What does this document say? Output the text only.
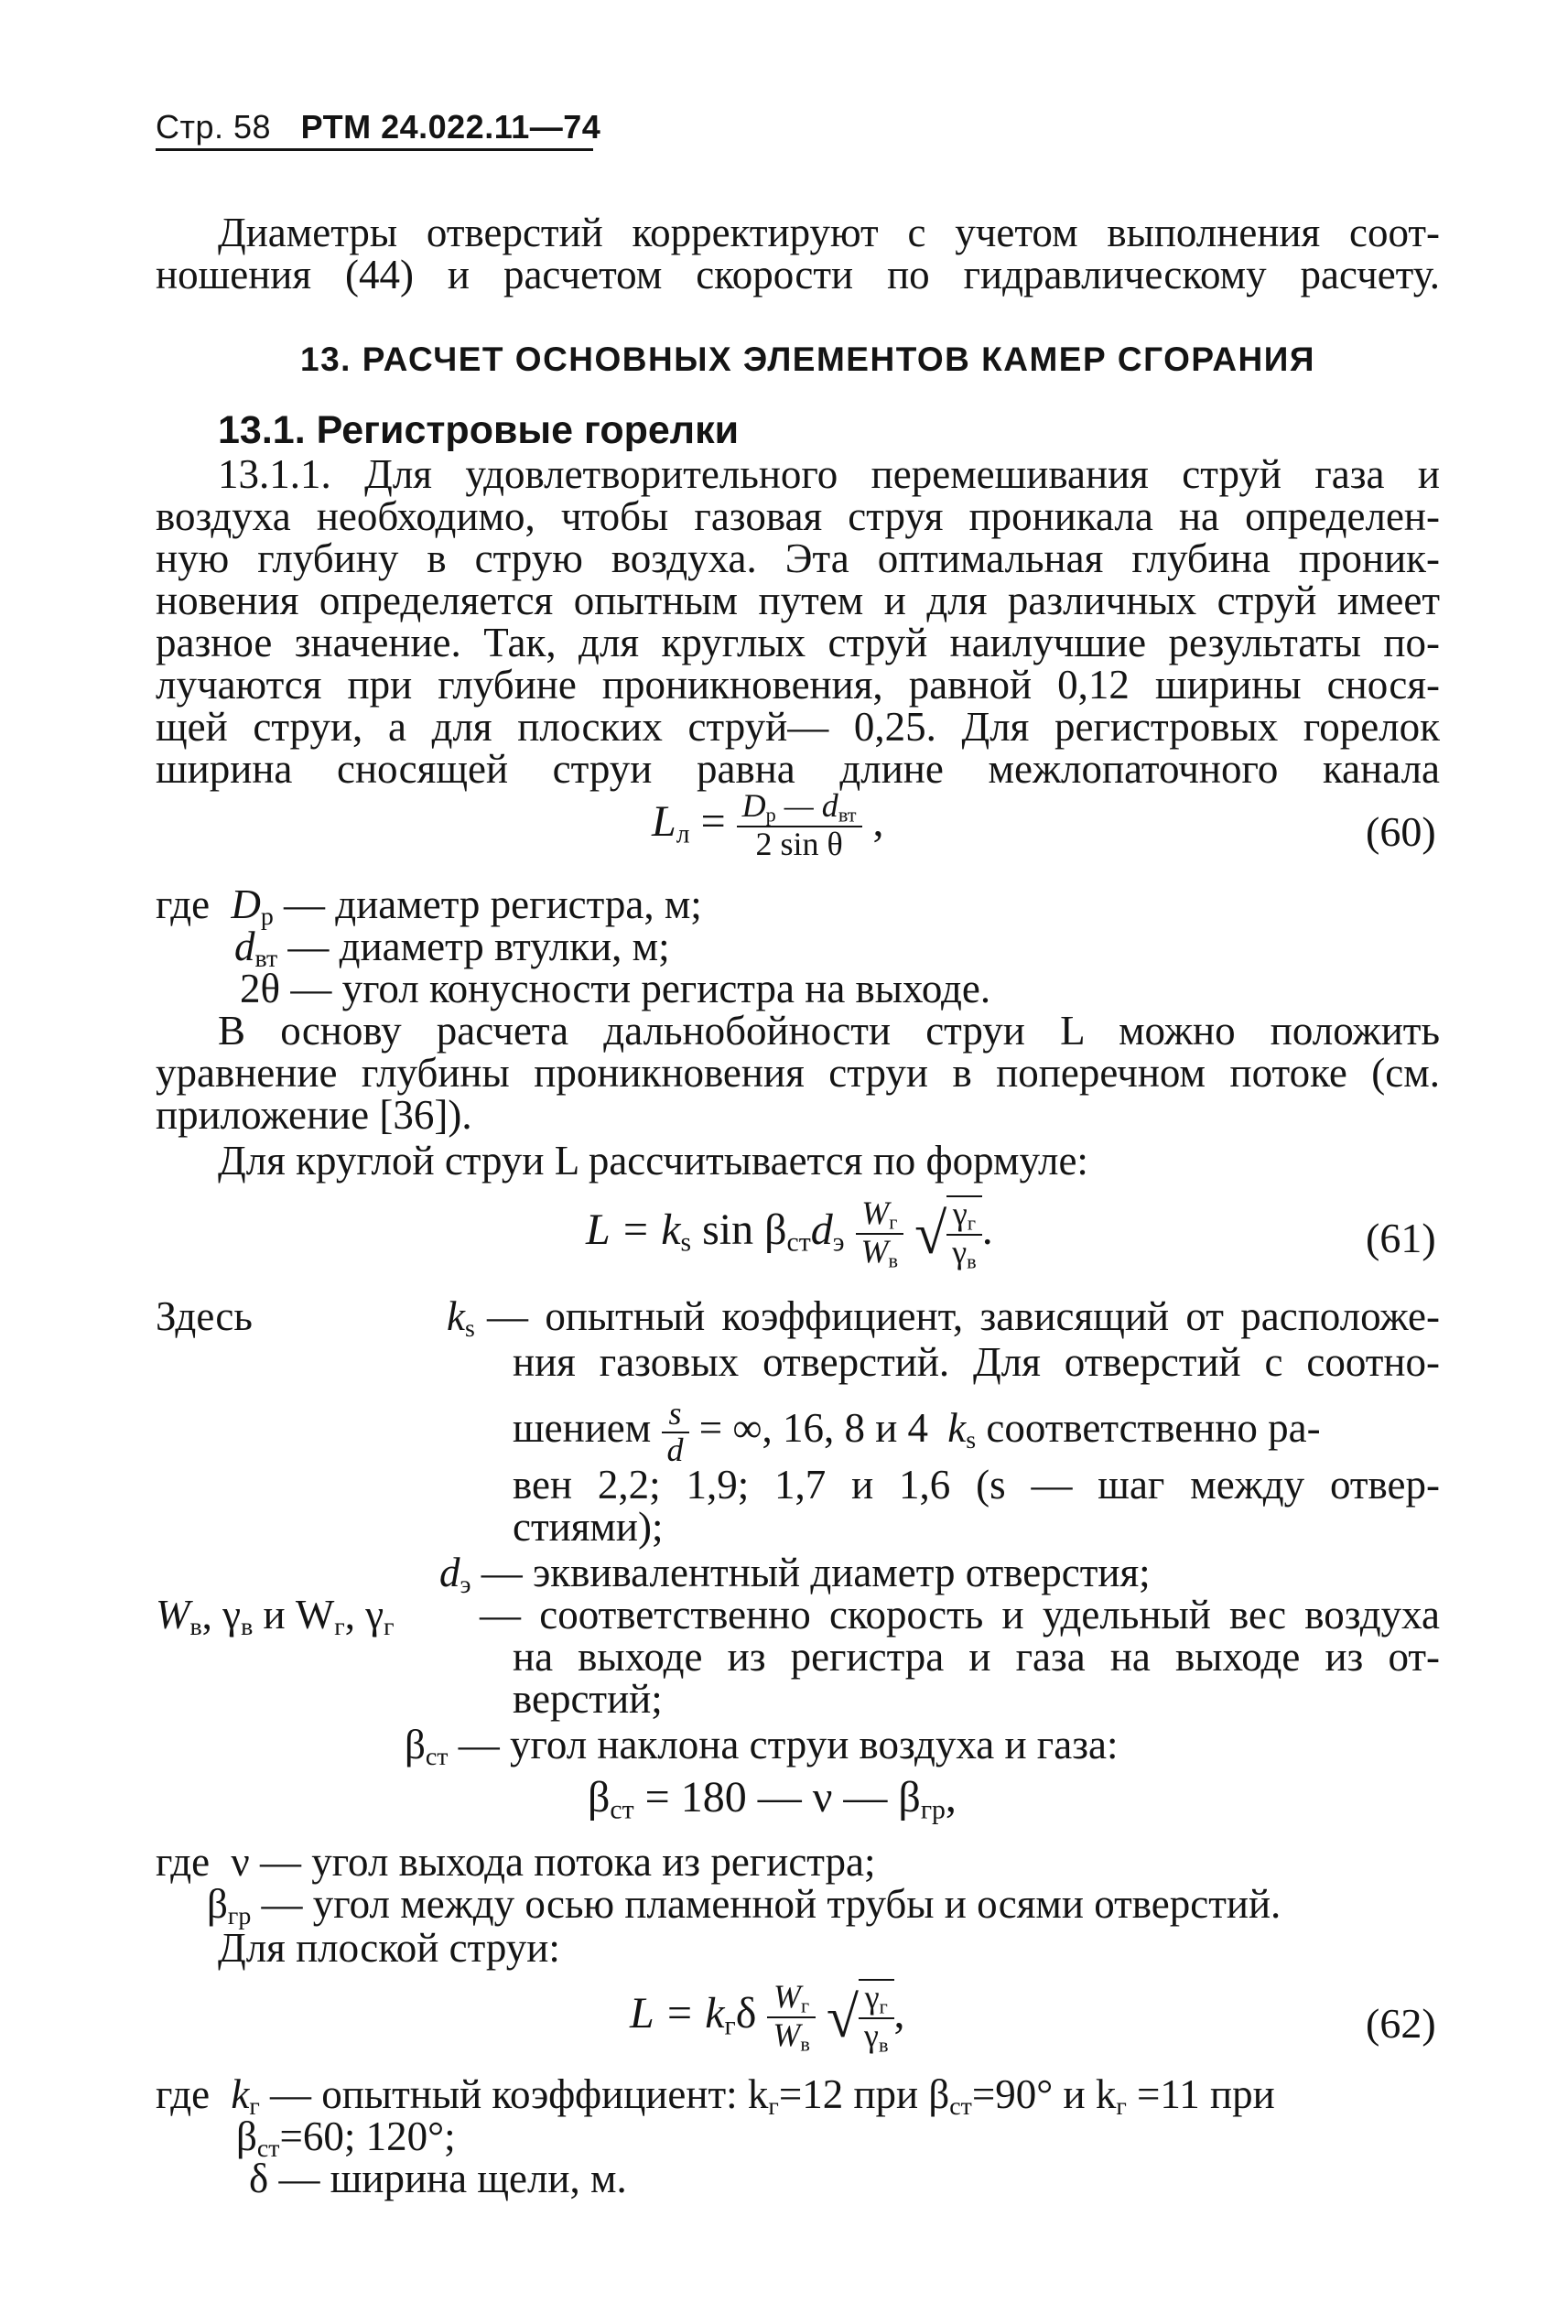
Стр. 58 РТМ 24.022.11—74
Диаметры отверстий корректируют с учетом выполнения соот-
ношения (44) и расчетом скорости по гидравлическому расчету.
13. РАСЧЕТ ОСНОВНЫХ ЭЛЕМЕНТОВ КАМЕР СГОРАНИЯ
13.1. Регистровые горелки
13.1.1. Для удовлетворительного перемешивания струй газа и
воздуха необходимо, чтобы газовая струя проникала на определен-
ную глубину в струю воздуха. Эта оптимальная глубина проник-
новения определяется опытным путем и для различных струй имеет
разное значение. Так, для круглых струй наилучшие результаты по-
лучаются при глубине проникновения, равной 0,12 ширины снося-
щей струи, а для плоских струй— 0,25. Для регистровых горелок
ширина сносящей струи равна длине межлопаточного канала
$L_л = \frac{D_р — d_{вт}}{\text{2 sin θ}}$ ,	(60)
где $D_р$ — диаметр регистра, м;
$d_{вт}$ — диаметр втулки, м;
2θ — угол конусности регистра на выходе.
В основу расчета дальнобойности струи L можно положить
уравнение глубины проникновения струи в поперечном потоке (см.
приложение [36]).
Для круглой струи L рассчитывается по формуле:
$L = k_s$ $\sin \beta_{ст}d_э \frac{W_г}{W_в}$ √ $\frac{\gamma_г}{\gamma_в}$ .	(61)
Здесь	$k_s$ — опытный коэффициент, зависящий от расположе-
ния газовых отверстий. Для отверстий с соотно-
шением $\frac{s}{d}$ = ∞, 16, 8 и 4 $k_s$ соответственно ра-
вен 2,2; 1,9; 1,7 и 1,6 (s — шаг между отвер-
стиями);
$d_э$ — эквивалентный диаметр отверстия;
$W_в$, $\gamma_в$ и $W_г$, $\gamma_г$ — соответственно скорость и удельный вес воздуха
на выходе из регистра и газа на выходе из от-
верстий;
$\beta_{ст}$ — угол наклона струи воздуха и газа:
$\beta_{ст} = 180$ — ν — $\beta_{гр}$,
где ν — угол выхода потока из регистра;
$\beta_{гр}$ — угол между осью пламенной трубы и осями отверстий.
Для плоской струи:
$L = k_г\delta \frac{W_г}{W_в}$ √ $\frac{\gamma_г}{\gamma_в}$ ,	(62)
где $k_г$ — опытный коэффициент: $k_г=12$ при $\beta_{ст}=90^\circ$ и $k_г =11$ при
$\beta_{ст}=60$; 120°;
δ — ширина щели, м.
